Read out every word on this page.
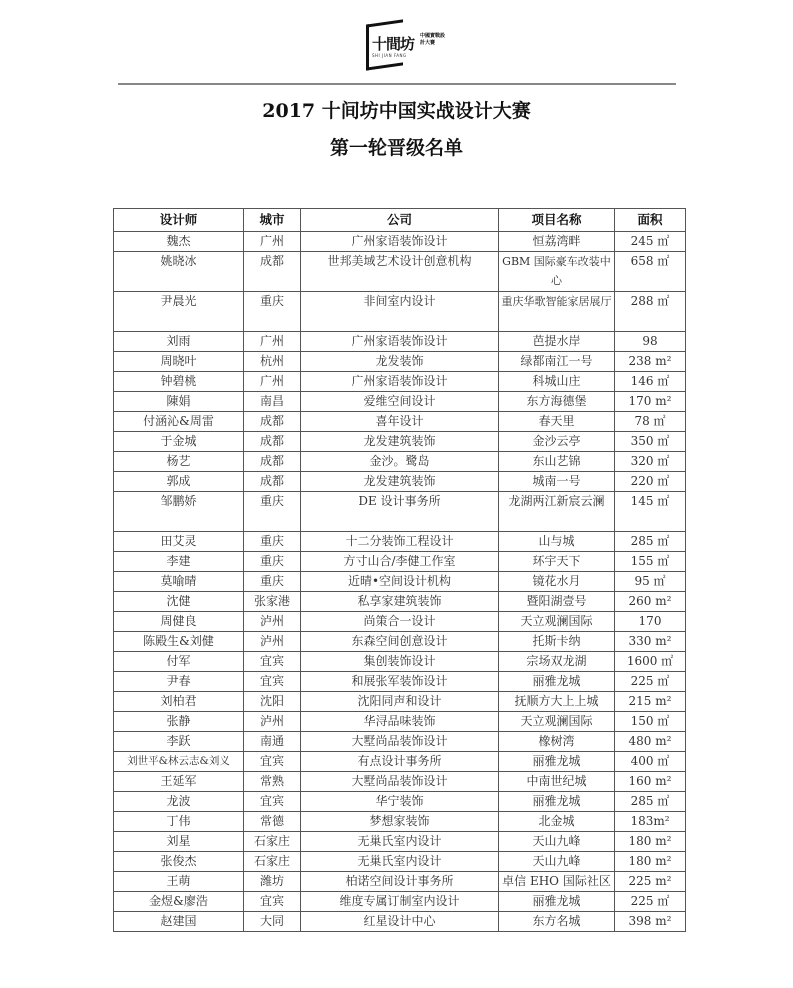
十間坊 中國實戰設計大賽
SHI JIAN FANG
2017 十间坊中国实战设计大赛
第一轮晋级名单
设计师	城市	公司	项目名称	面积
魏杰	广州	广州家语装饰设计	恒荔湾畔	245 ㎡
姚晓冰	成都	世邦美域艺术设计创意机构	GBM 国际豪车改装中心	658 ㎡
尹晨光	重庆	非间室内设计	重庆华歌智能家居展厅	288 ㎡
刘雨	广州	广州家语装饰设计	芭提水岸	98
周晓叶	杭州	龙发装饰	绿都南江一号	238 m²
钟碧桃	广州	广州家语装饰设计	科城山庄	146 ㎡
陳娟	南昌	爱维空间设计	东方海德堡	170 m²
付涵沁&周雷	成都	喜年设计	春天里	78 ㎡
于金城	成都	龙发建筑装饰	金沙云亭	350 ㎡
杨艺	成都	金沙。鹭岛	东山艺锦	320 ㎡
郭成	成都	龙发建筑装饰	城南一号	220 ㎡
邹鹏娇	重庆	DE 设计事务所	龙湖两江新宸云澜	145 ㎡
田艾灵	重庆	十二分装饰工程设计	山与城	285 ㎡
李建	重庆	方寸山合/李健工作室	环宇天下	155 ㎡
莫喻晴	重庆	近晴•空间设计机构	镜花水月	95 ㎡
沈健	张家港	私享家建筑装饰	暨阳湖壹号	260 m²
周健良	泸州	尚策合一设计	天立观澜国际	170
陈殿生&刘健	泸州	东森空间创意设计	托斯卡纳	330 m²
付军	宜宾	集创装饰设计	宗场双龙湖	1600 ㎡
尹春	宜宾	和展张军装饰设计	丽雅龙城	225 ㎡
刘柏君	沈阳	沈阳同声和设计	抚顺方大上上城	215 m²
张静	泸州	华浔品味装饰	天立观澜国际	150 ㎡
李跃	南通	大墅尚品装饰设计	橡树湾	480 m²
刘世平&林云志&刘义	宜宾	有点设计事务所	丽雅龙城	400 ㎡
王延军	常熟	大墅尚品装饰设计	中南世纪城	160 m²
龙波	宜宾	华宁装饰	丽雅龙城	285 ㎡
丁伟	常德	梦想家装饰	北金城	183m²
刘星	石家庄	无巢氏室内设计	天山九峰	180 m²
张俊杰	石家庄	无巢氏室内设计	天山九峰	180 m²
王萌	潍坊	柏诺空间设计事务所	卓信 EHO 国际社区	225 m²
金煜&廖浩	宜宾	维度专属订制室内设计	丽雅龙城	225 ㎡
赵建国	大同	红星设计中心	东方名城	398 m²
